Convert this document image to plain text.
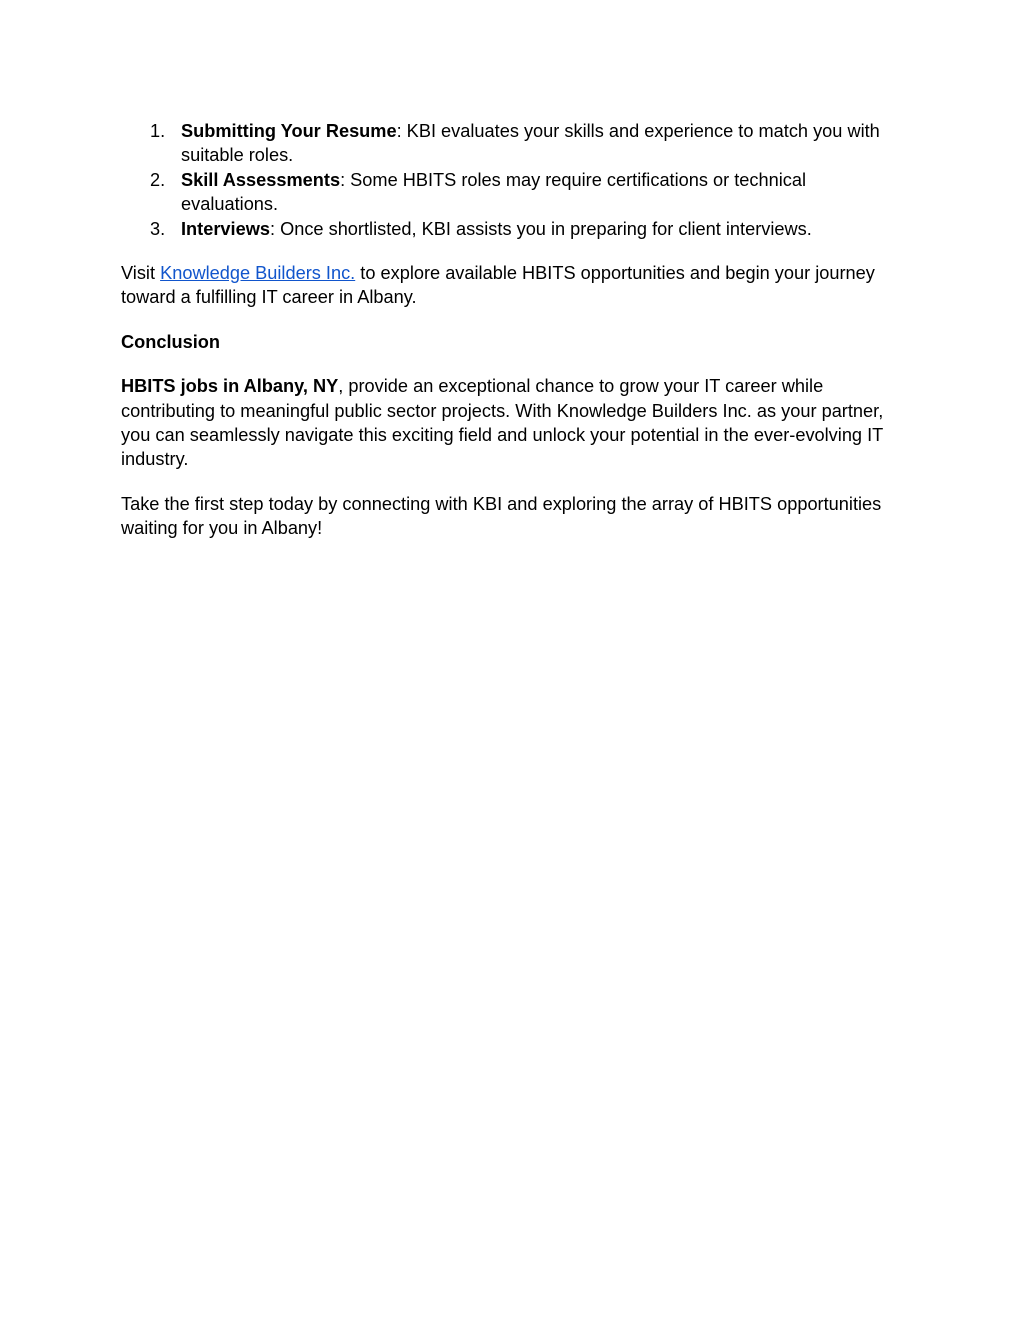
1. Submitting Your Resume: KBI evaluates your skills and experience to match you with suitable roles.
2. Skill Assessments: Some HBITS roles may require certifications or technical evaluations.
3. Interviews: Once shortlisted, KBI assists you in preparing for client interviews.

Visit Knowledge Builders Inc. to explore available HBITS opportunities and begin your journey toward a fulfilling IT career in Albany.

Conclusion

HBITS jobs in Albany, NY, provide an exceptional chance to grow your IT career while contributing to meaningful public sector projects. With Knowledge Builders Inc. as your partner, you can seamlessly navigate this exciting field and unlock your potential in the ever-evolving IT industry.

Take the first step today by connecting with KBI and exploring the array of HBITS opportunities waiting for you in Albany!
